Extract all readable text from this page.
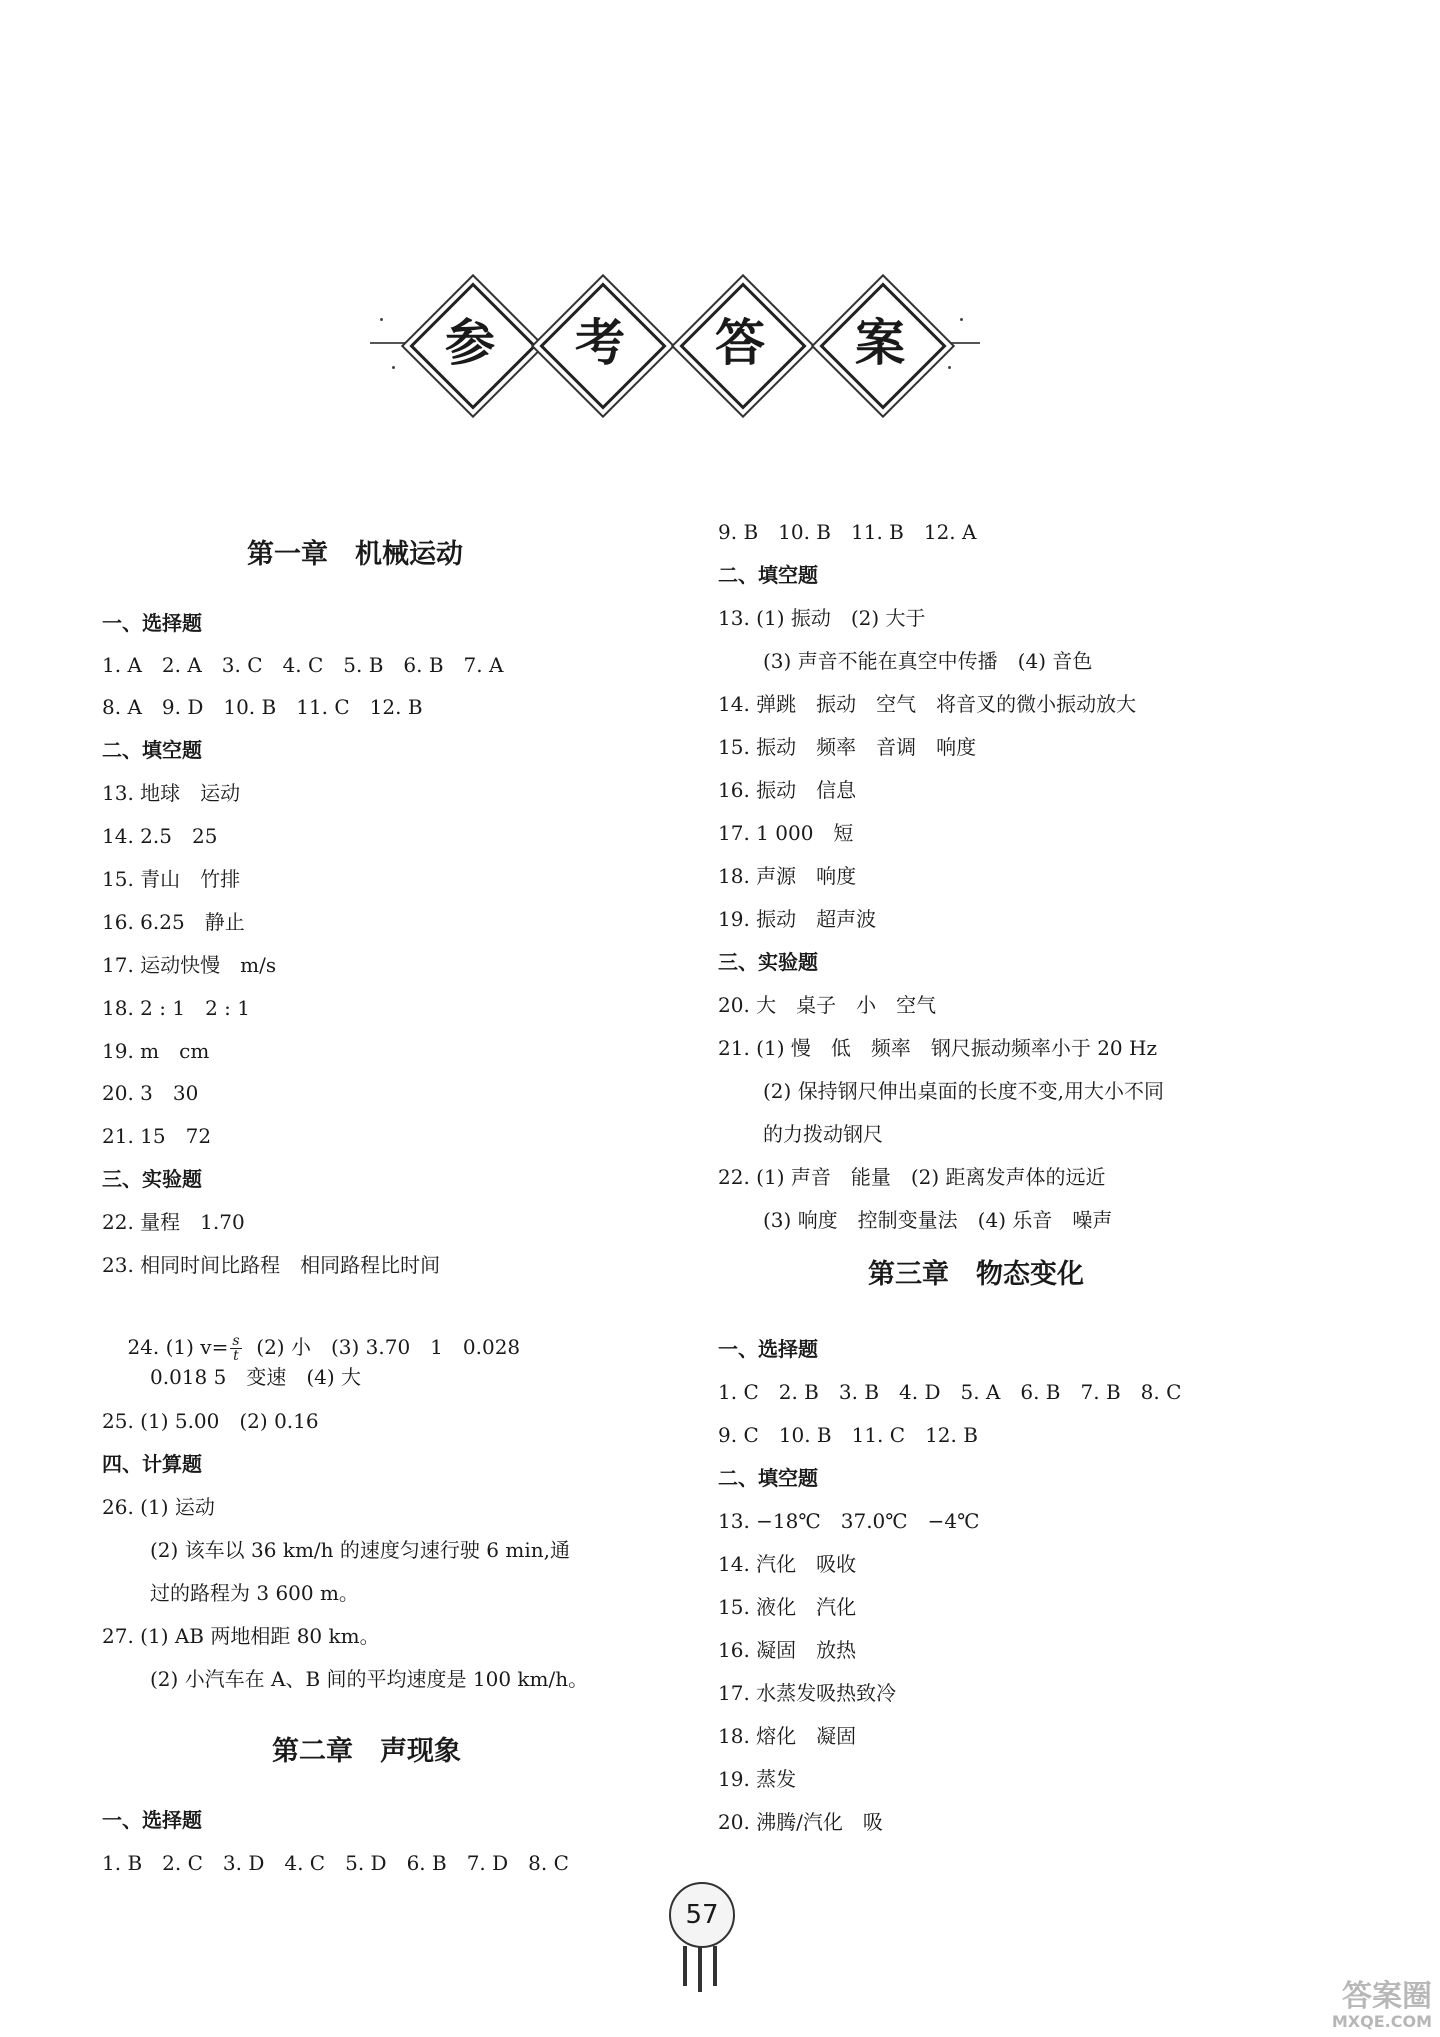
参	考	答	案
第一章　机械运动
一、选择题
1. A　2. A　3. C　4. C　5. B　6. B　7. A
8. A　9. D　10. B　11. C　12. B
二、填空题
13. 地球　运动
14. 2.5　25
15. 青山　竹排
16. 6.25　静止
17. 运动快慢　m/s
18. 2 : 1　2 : 1
19. m　cm
20. 3　30
21. 15　72
三、实验题
22. 量程　1.70
23. 相同时间比路程　相同路程比时间

24. (1) $v= \frac{s}{t} (2)$ 小　(3) 3.70　1　0.028

0.018 5　变速　(4) 大
25. (1) 5.00　(2) 0.16
四、计算题
26. (1) 运动
(2) 该车以 36 km/h 的速度匀速行驶 6 min,通
过的路程为 3 600 m。
27. (1) AB 两地相距 80 km。
(2) 小汽车在 A、B 间的平均速度是 100 km/h。
第二章　声现象
一、选择题
1. B　2. C　3. D　4. C　5. D　6. B　7. D　8. C
9. B　10. B　11. B　12. A
二、填空题
13. (1) 振动　(2) 大于
(3) 声音不能在真空中传播　(4) 音色
14. 弹跳　振动　空气　将音叉的微小振动放大
15. 振动　频率　音调　响度
16. 振动　信息
17. 1 000　短
18. 声源　响度
19. 振动　超声波
三、实验题
20. 大　桌子　小　空气
21. (1) 慢　低　频率　钢尺振动频率小于 20 Hz
(2) 保持钢尺伸出桌面的长度不变,用大小不同
的力拨动钢尺
22. (1) 声音　能量　(2) 距离发声体的远近
(3) 响度　控制变量法　(4) 乐音　噪声
第三章　物态变化
一、选择题
1. C　2. B　3. B　4. D　5. A　6. B　7. B　8. C
9. C　10. B　11. C　12. B
二、填空题
13. −18℃　37.0℃　−4℃
14. 汽化　吸收
15. 液化　汽化
16. 凝固　放热
17. 水蒸发吸热致冷
18. 熔化　凝固
19. 蒸发
20. 沸腾/汽化　吸
57
答案圈
MXQE.COM
